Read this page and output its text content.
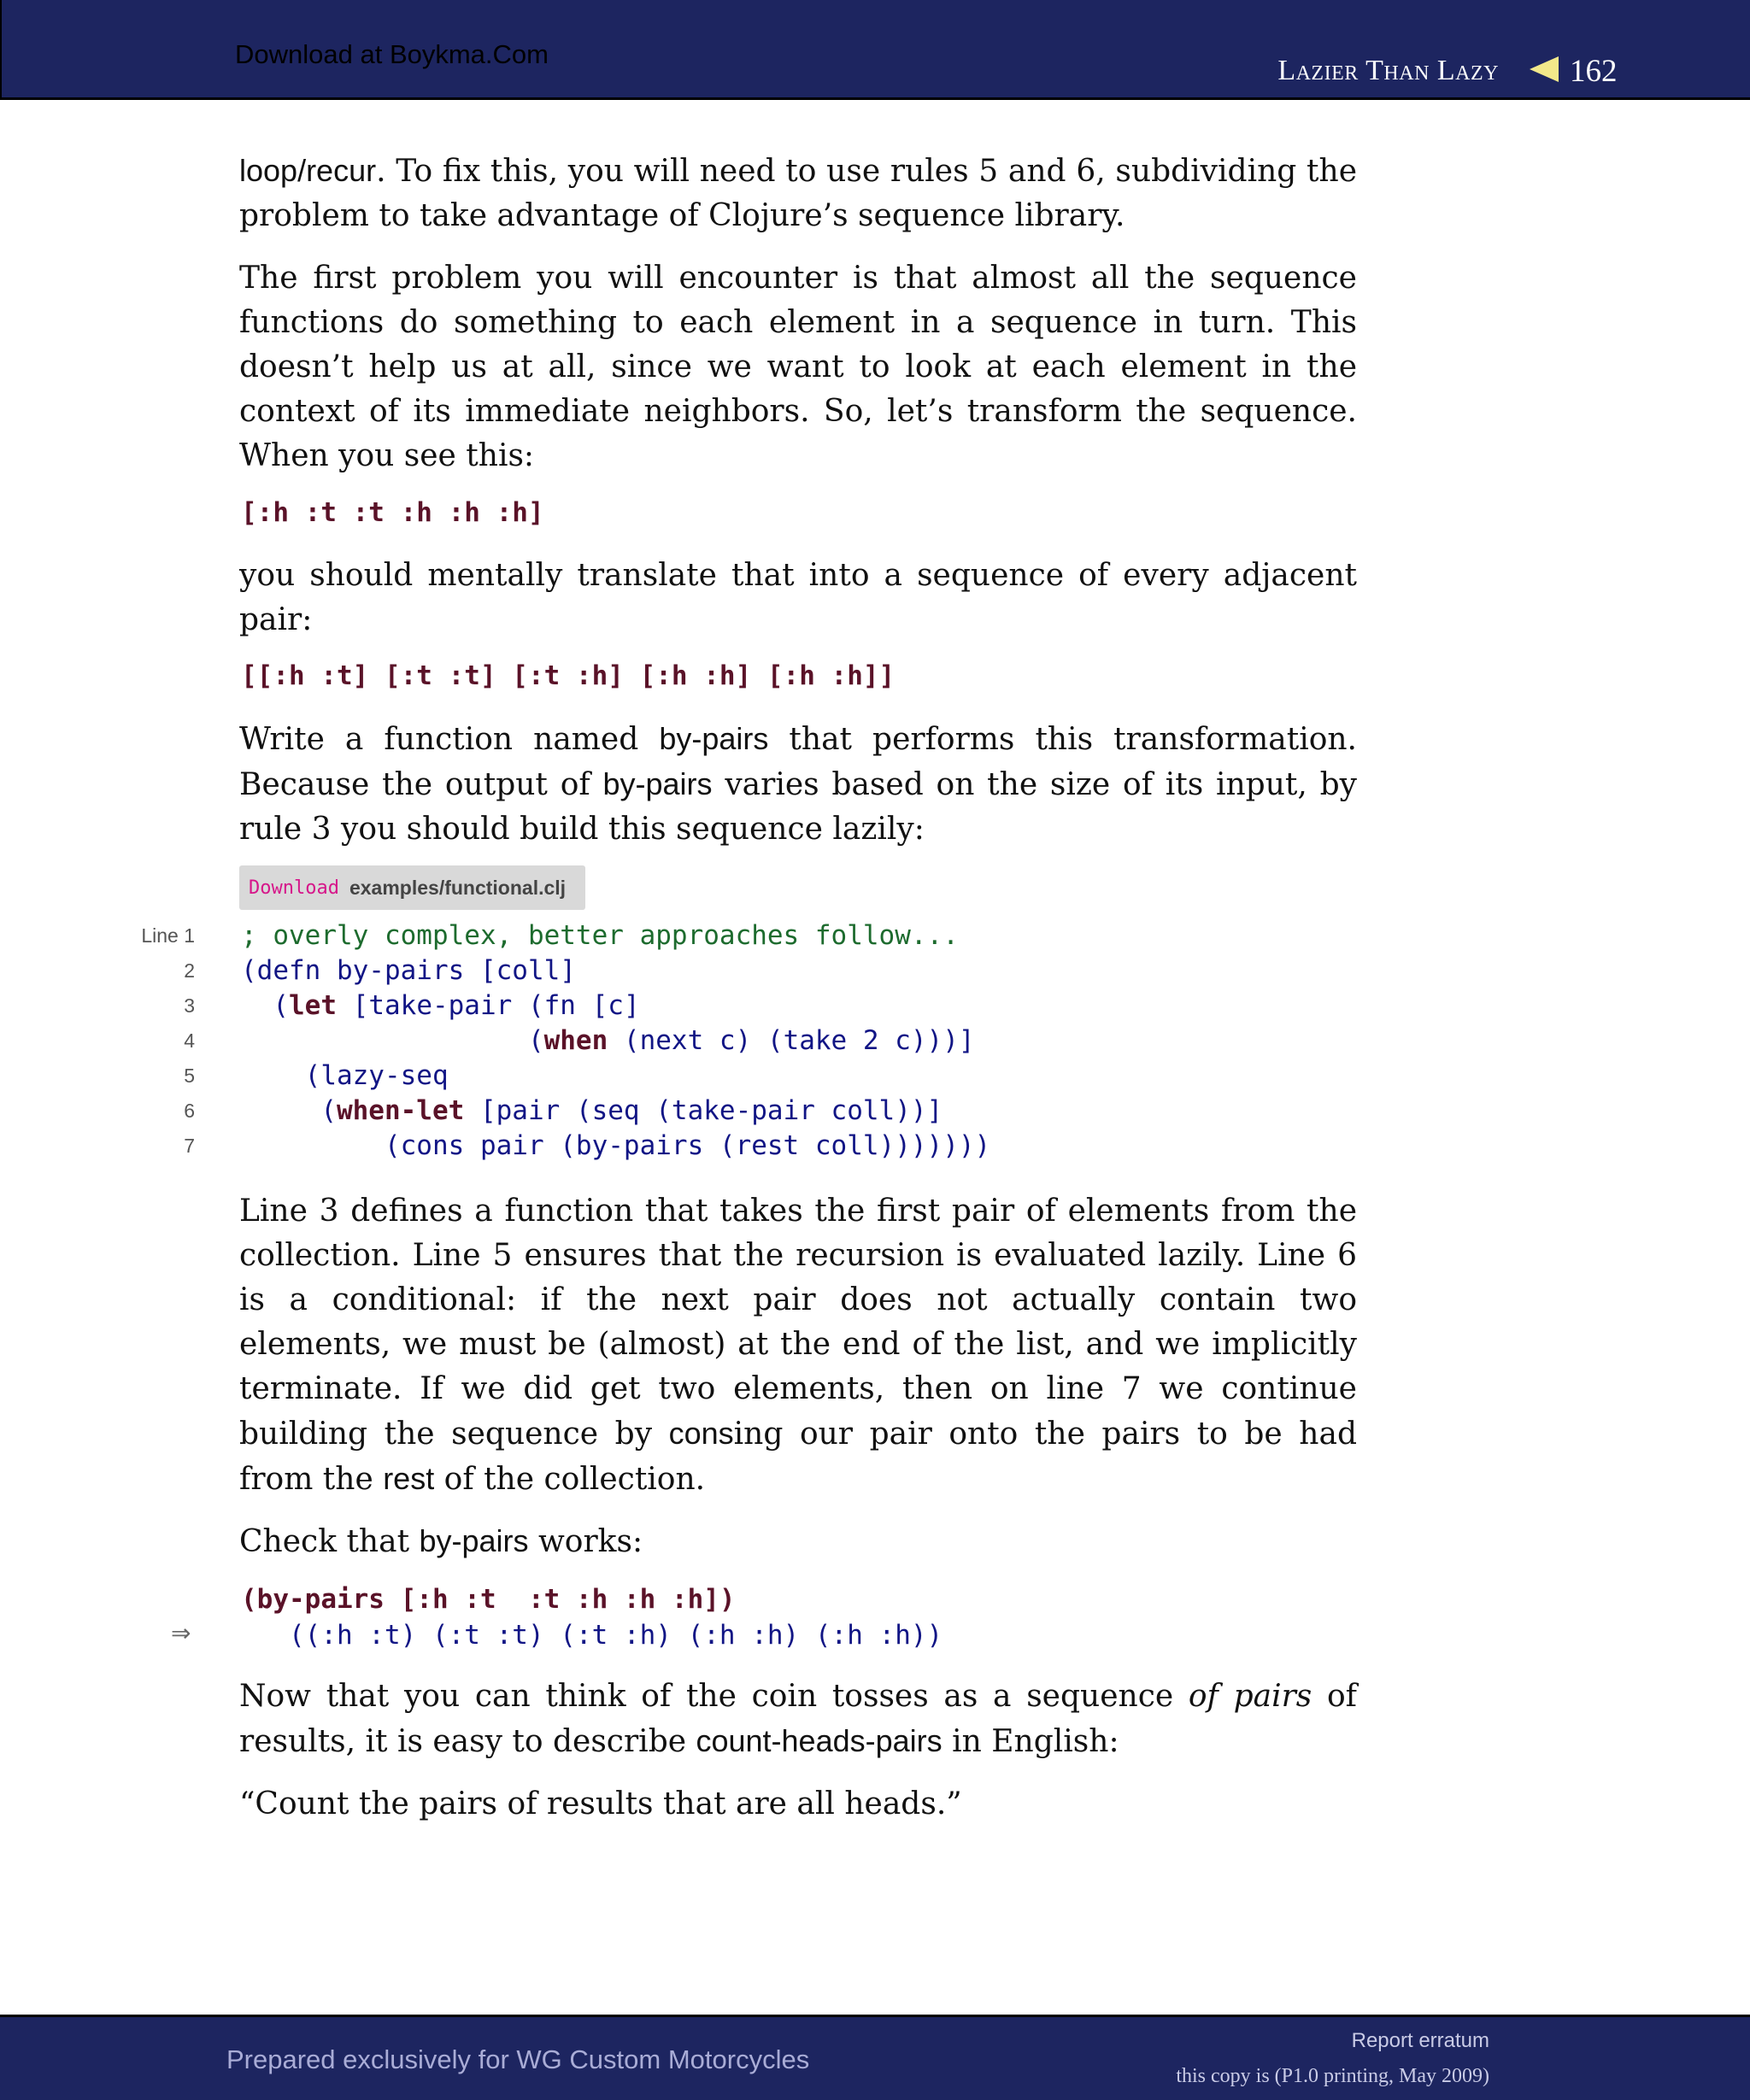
Download at Boykma.Com
Lazier Than Lazy 162

loop/recur. To fix this, you will need to use rules 5 and 6, subdividing the problem to take advantage of Clojure’s sequence library.

The first problem you will encounter is that almost all the sequence functions do something to each element in a sequence in turn. This doesn’t help us at all, since we want to look at each element in the context of its immediate neighbors. So, let’s transform the sequence. When you see this:

[:h :t :t :h :h :h]

you should mentally translate that into a sequence of every adjacent pair:

[[:h :t] [:t :t] [:t :h] [:h :h] [:h :h]]

Write a function named by-pairs that performs this transformation. Because the output of by-pairs varies based on the size of its input, by rule 3 you should build this sequence lazily:

Download examples/functional.clj
Line 1 ; overly complex, better approaches follow...
2 (defn by-pairs [coll]
3 (let [take-pair (fn [c]
4 (when (next c) (take 2 c)))]
5 (lazy-seq
6 (when-let [pair (seq (take-pair coll))]
7 (cons pair (by-pairs (rest coll)))))))

Line 3 defines a function that takes the first pair of elements from the collection. Line 5 ensures that the recursion is evaluated lazily. Line 6 is a conditional: if the next pair does not actually contain two elements, we must be (almost) at the end of the list, and we implicitly terminate. If we did get two elements, then on line 7 we continue building the sequence by consing our pair onto the pairs to be had from the rest of the collection.

Check that by-pairs works:

(by-pairs [:h :t  :t :h :h :h])
⇒ ((:h :t) (:t :t) (:t :h) (:h :h) (:h :h))

Now that you can think of the coin tosses as a sequence of pairs of results, it is easy to describe count-heads-pairs in English:

“Count the pairs of results that are all heads.”

Prepared exclusively for WG Custom Motorcycles
Report erratum
this copy is (P1.0 printing, May 2009)
